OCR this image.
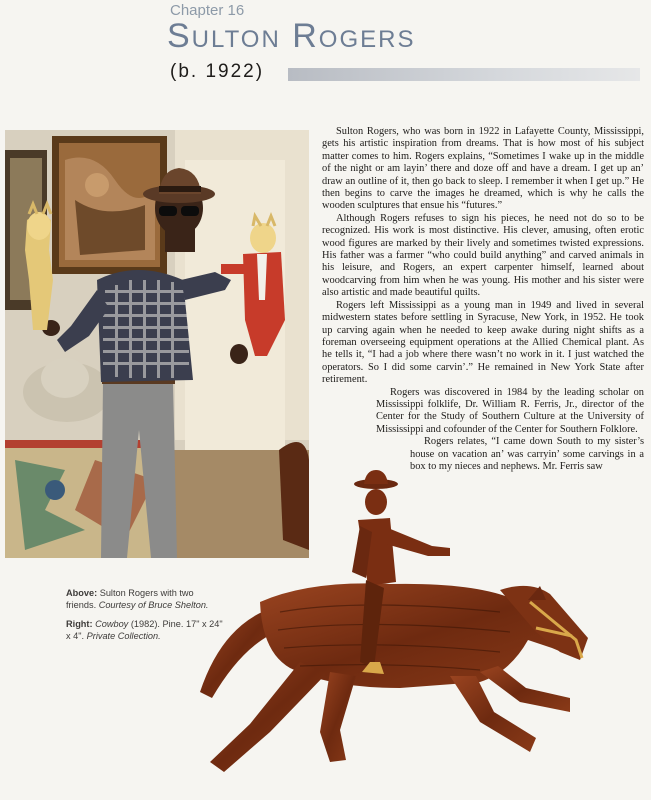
Chapter 16
Sulton Rogers
(b. 1922)

Sulton Rogers, who was born in 1922 in Lafayette County, Mississippi, gets his artistic inspiration from dreams. That is how most of his subject matter comes to him. Rogers explains, “Sometimes I wake up in the middle of the night or am layin’ there and doze off and have a dream. I get up an’ draw an outline of it, then go back to sleep. I remember it when I get up.” He then begins to carve the images he dreamed, which is why he calls the wooden sculptures that ensue his “futures.”

Although Rogers refuses to sign his pieces, he need not do so to be recognized. His work is most distinctive. His clever, amusing, often erotic wood figures are marked by their lively and sometimes twisted expressions. His father was a farmer “who could build anything” and carved animals in his leisure, and Rogers, an expert carpenter himself, learned about woodcarving from him when he was young. His mother and his sister were also artistic and made beautiful quilts.

Rogers left Mississippi as a young man in 1949 and lived in several midwestern states before settling in Syracuse, New York, in 1952. He took up carving again when he needed to keep awake during night shifts as a foreman overseeing equipment operations at the Allied Chemical plant. As he tells it, “I had a job where there wasn’t no work in it. I just watched the operators. So I did some carvin’.” He remained in New York State after retirement.

Rogers was discovered in 1984 by the leading scholar on Mississippi folklife, Dr. William R. Ferris, Jr., director of the Center for the Study of Southern Culture at the University of Mississippi and cofounder of the Center for Southern Folklore.

Rogers relates, “I came down South to my sister’s house on vacation an’ was carryin’ some carvings in a box to my nieces and nephews. Mr. Ferris saw

Above: Sulton Rogers with two friends. Courtesy of Bruce Shelton.

Right: Cowboy (1982). Pine. 17" x 24" x 4". Private Collection.
